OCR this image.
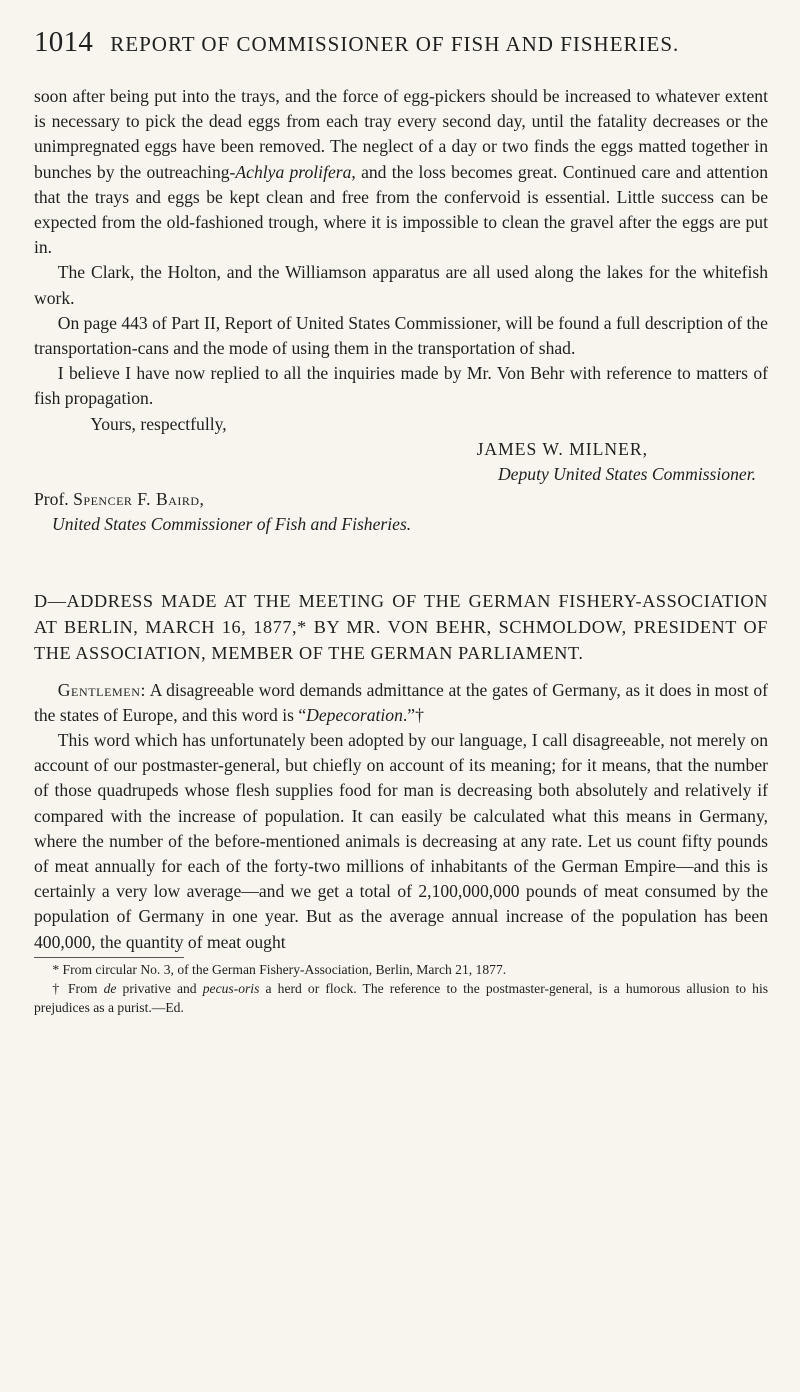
1014 REPORT OF COMMISSIONER OF FISH AND FISHERIES.

soon after being put into the trays, and the force of egg-pickers should be increased to whatever extent is necessary to pick the dead eggs from each tray every second day, until the fatality decreases or the unimpregnated eggs have been removed. The neglect of a day or two finds the eggs matted together in bunches by the outreaching-Achlya prolifera, and the loss becomes great. Continued care and attention that the trays and eggs be kept clean and free from the confervoid is essential. Little success can be expected from the old-fashioned trough, where it is impossible to clean the gravel after the eggs are put in.

The Clark, the Holton, and the Williamson apparatus are all used along the lakes for the whitefish work.

On page 443 of Part II, Report of United States Commissioner, will be found a full description of the transportation-cans and the mode of using them in the transportation of shad.

I believe I have now replied to all the inquiries made by Mr. Von Behr with reference to matters of fish propagation.

Yours, respectfully,

JAMES W. MILNER,

Deputy United States Commissioner.

Prof. Spencer F. Baird,

United States Commissioner of Fish and Fisheries.

D—ADDRESS MADE AT THE MEETING OF THE GERMAN FISHERY-ASSOCIATION AT BERLIN, MARCH 16, 1877,* BY MR. VON BEHR, SCHMOLDOW, PRESIDENT OF THE ASSOCIATION, MEMBER OF THE GERMAN PARLIAMENT.

Gentlemen: A disagreeable word demands admittance at the gates of Germany, as it does in most of the states of Europe, and this word is “Depecoration.”†

This word which has unfortunately been adopted by our language, I call disagreeable, not merely on account of our postmaster-general, but chiefly on account of its meaning; for it means, that the number of those quadrupeds whose flesh supplies food for man is decreasing both absolutely and relatively if compared with the increase of population. It can easily be calculated what this means in Germany, where the number of the before-mentioned animals is decreasing at any rate. Let us count fifty pounds of meat annually for each of the forty-two millions of inhabitants of the German Empire—and this is certainly a very low average—and we get a total of 2,100,000,000 pounds of meat consumed by the population of Germany in one year. But as the average annual increase of the population has been 400,000, the quantity of meat ought

* From circular No. 3, of the German Fishery-Association, Berlin, March 21, 1877.

† From de privative and pecus-oris a herd or flock. The reference to the postmaster-general, is a humorous allusion to his prejudices as a purist.—Ed.
